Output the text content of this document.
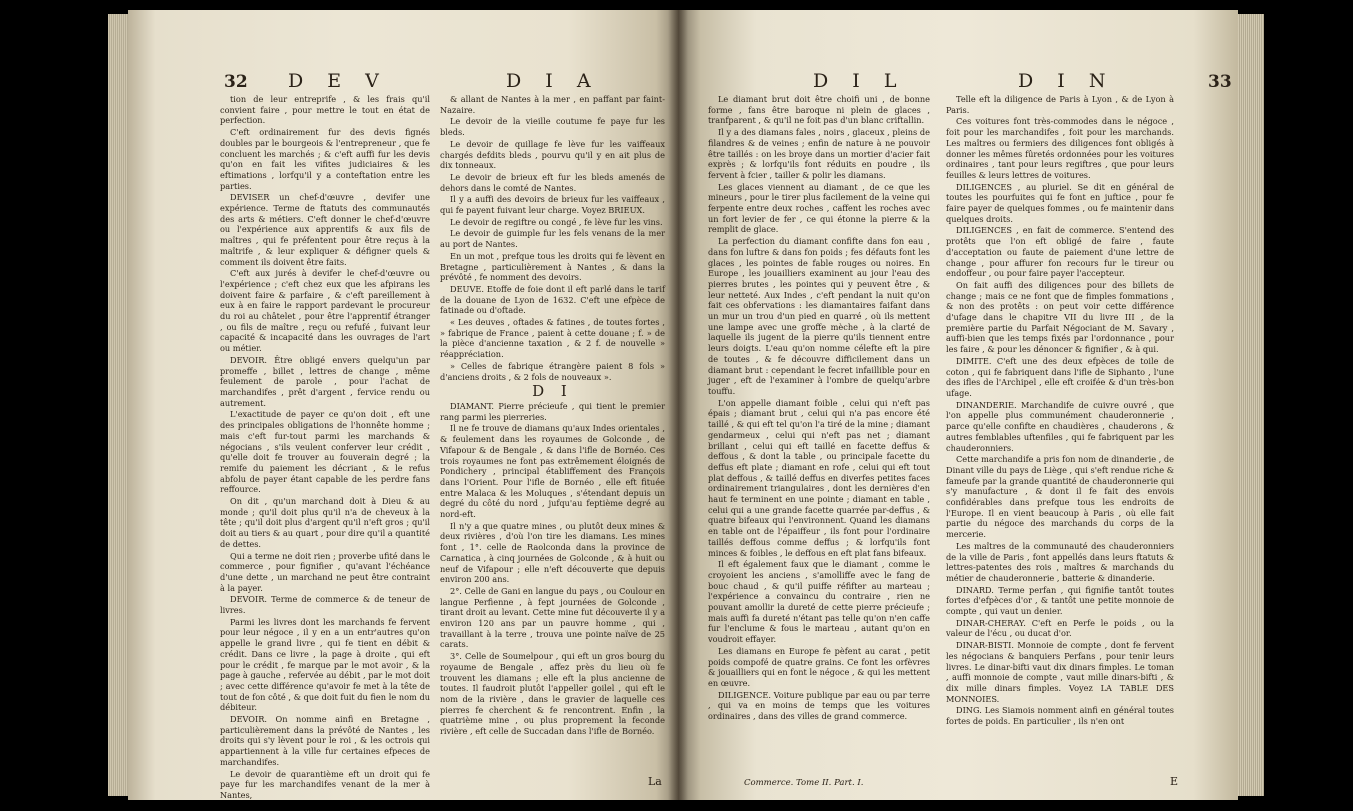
32 D E V	D I A

tion de leur entreprife , & les frais qu'il convient faire , pour mettre le tout en état de perfection.

C'eft ordinairement fur des devis fignés doubles par le bourgeois & l'entrepreneur , que fe concluent les marchés ; & c'eft auffi fur les devis qu'on en fait les vifites judiciaires & les eftimations , lorfqu'il y a conteftation entre les parties.

DEVISER un chef-d'œuvre , devifer une expérience. Terme de ftatuts des communautés des arts & métiers. C'eft donner le chef-d'œuvre ou l'expérience aux apprentifs & aux fils de maîtres , qui fe préfentent pour être reçus à la maîtrife , & leur expliquer & défigner quels & comment ils doivent être faits.

C'eft aux jurés à devifer le chef-d'œuvre ou l'expérience ; c'eft chez eux que les afpirans les doivent faire & parfaire , & c'eft pareillement à eux à en faire le rapport pardevant le procureur du roi au châtelet , pour être l'apprentif étranger , ou fils de maître , reçu ou refufé , fuivant leur capacité & incapacité dans les ouvrages de l'art ou métier.

DEVOIR. Être obligé envers quelqu'un par promeffe , billet , lettres de change , même feulement de parole , pour l'achat de marchandifes , prêt d'argent , fervice rendu ou autrement.

L'exactitude de payer ce qu'on doit , eft une des principales obligations de l'honnête homme ; mais c'eft fur-tout parmi les marchands & négocians , s'ils veulent conferver leur crédit , qu'elle doit fe trouver au fouverain degré ; la remife du paiement les décriant , & le refus abfolu de payer étant capable de les perdre fans reffource.

On dit , qu'un marchand doit à Dieu & au monde ; qu'il doit plus qu'il n'a de cheveux à la tête ; qu'il doit plus d'argent qu'il n'eft gros ; qu'il doit au tiers & au quart , pour dire qu'il a quantité de dettes.

Qui a terme ne doit rien ; proverbe ufité dans le commerce , pour fignifier , qu'avant l'échéance d'une dette , un marchand ne peut être contraint à la payer.

DEVOIR. Terme de commerce & de teneur de livres.

Parmi les livres dont les marchands fe fervent pour leur négoce , il y en a un entr'autres qu'on appelle le grand livre , qui fe tient en débit & crédit. Dans ce livre , la page à droite , qui eft pour le crédit , fe marque par le mot avoir , & la page à gauche , refervée au débit , par le mot doit ; avec cette différence qu'avoir fe met à la tête de tout de fon côté , & que doit fuit du fien le nom du débiteur.

DEVOIR. On nomme ainfi en Bretagne , particulièrement dans la prévôté de Nantes , les droits qui s'y lèvent pour le roi , & les octrois qui appartiennent à la ville fur certaines efpeces de marchandifes.

Le devoir de quarantième eft un droit qui fe paye fur les marchandifes venant de la mer à Nantes,

& allant de Nantes à la mer , en paffant par faint-Nazaire.

Le devoir de la vieille coutume fe paye fur les bleds.

Le devoir de quillage fe lève fur les vaiffeaux chargés defdits bleds , pourvu qu'il y en ait plus de dix tonneaux.

Le devoir de brieux eft fur les bleds amenés de dehors dans le comté de Nantes.

Il y a auffi des devoirs de brieux fur les vaiffeaux , qui fe payent fuivant leur charge. Voyez BRIEUX.

Le devoir de regiftre ou congé , fe lève fur les vins.

Le devoir de guimple fur les fels venans de la mer au port de Nantes.

En un mot , prefque tous les droits qui fe lèvent en Bretagne , particulièrement à Nantes , & dans la prévôté , fe nomment des devoirs.

DEUVE. Etoffe de foie dont il eft parlé dans le tarif de la douane de Lyon de 1632. C'eft une efpèce de fatinade ou d'oftade.

« Les deuves , oftades & fatines , de toutes fortes , » fabrique de France , paient à cette douane ; f. » de la pièce d'ancienne taxation , & 2 f. de nouvelle » réappréciation.

» Celles de fabrique étrangère paient 8 fols » d'anciens droits , & 2 fols de nouveaux ».

D I

DIAMANT. Pierre précieufe , qui tient le premier rang parmi les pierreries.

Il ne fe trouve de diamans qu'aux Indes orientales , & feulement dans les royaumes de Golconde , de Vifapour & de Bengale , & dans l'ifle de Bornéo. Ces trois royaumes ne font pas extrêmement éloignés de Pondichery , principal établiffement des François dans l'Orient. Pour l'ifle de Bornéo , elle eft fituée entre Malaca & les Moluques , s'étendant depuis un degré du côté du nord , jufqu'au feptième degré au nord-eft.

Il n'y a que quatre mines , ou plutôt deux mines & deux rivières , d'où l'on tire les diamans. Les mines font , 1°. celle de Raolconda dans la province de Carnatica , à cinq journées de Golconde , & à huit ou neuf de Vifapour ; elle n'eft découverte que depuis environ 200 ans.

2°. Celle de Gani en langue du pays , ou Coulour en langue Perfienne , à fept journées de Golconde , tirant droit au levant. Cette mine fut découverte il y a environ 120 ans par un pauvre homme , qui , travaillant à la terre , trouva une pointe naïve de 25 carats.

3°. Celle de Soumelpour , qui eft un gros bourg du royaume de Bengale , affez près du lieu où fe trouvent les diamans ; elle eft la plus ancienne de toutes. Il faudroit plutôt l'appeller goilel , qui eft le nom de la rivière , dans le gravier de laquelle ces pierres fe cherchent & fe rencontrent. Enfin , la quatrième mine , ou plus proprement la feconde rivière , eft celle de Succadan dans l'ifle de Bornéo.

La
D I L	D I N	33

Le diamant brut doit être choifi uni , de bonne forme , fans être baroque ni plein de glaces , tranfparent , & qu'il ne foit pas d'un blanc criftallin.

Il y a des diamans fales , noirs , glaceux , pleins de filandres & de veines ; enfin de nature à ne pouvoir être taillés : on les broye dans un mortier d'acier fait exprès ; & lorfqu'ils font réduits en poudre , ils fervent à fcier , tailler & polir les diamans.

Les glaces viennent au diamant , de ce que les mineurs , pour le tirer plus facilement de la veine qui ferpente entre deux roches , caffent les roches avec un fort levier de fer , ce qui étonne la pierre & la remplit de glace.

La perfection du diamant confifte dans fon eau , dans fon luftre & dans fon poids ; fes défauts font les glaces , les pointes de fable rouges ou noires. En Europe , les jouailliers examinent au jour l'eau des pierres brutes , les pointes qui y peuvent être , & leur netteté. Aux Indes , c'eft pendant la nuit qu'on fait ces obfervations : les diamantaires faifant dans un mur un trou d'un pied en quarré , où ils mettent une lampe avec une groffe mèche , à la clarté de laquelle ils jugent de la pierre qu'ils tiennent entre leurs doigts. L'eau qu'on nomme célefte eft la pire de toutes , & fe découvre difficilement dans un diamant brut : cependant le fecret infaillible pour en juger , eft de l'examiner à l'ombre de quelqu'arbre touffu.

L'on appelle diamant foible , celui qui n'eft pas épais ; diamant brut , celui qui n'a pas encore été taillé , & qui eft tel qu'on l'a tiré de la mine ; diamant gendarmeux , celui qui n'eft pas net ; diamant brillant , celui qui eft taillé en facette deffus & deffous , & dont la table , ou principale facette du deffus eft plate ; diamant en rofe , celui qui eft tout plat deffous , & taillé deffus en diverfes petites faces ordinairement triangulaires , dont les dernières d'en haut fe terminent en une pointe ; diamant en table , celui qui a une grande facette quarrée par-deffus , & quatre bifeaux qui l'environnent. Quand les diamans en table ont de l'épaiffeur , ils font pour l'ordinaire taillés deffous comme deffus ; & lorfqu'ils font minces & foibles , le deffous en eft plat fans bifeaux.

Il eft également faux que le diamant , comme le croyoient les anciens , s'amolliffe avec le fang de bouc chaud , & qu'il puiffe réfifter au marteau ; l'expérience a convaincu du contraire , rien ne pouvant amollir la dureté de cette pierre précieufe ; mais auffi fa dureté n'étant pas telle qu'on n'en caffe fur l'enclume & fous le marteau , autant qu'on en voudroit effayer.

Les diamans en Europe fe pèfent au carat , petit poids compofé de quatre grains. Ce font les orfèvres & jouailliers qui en font le négoce , & qui les mettent en œuvre.

DILIGENCE. Voiture publique par eau ou par terre , qui va en moins de temps que les voitures ordinaires , dans des villes de grand commerce.

Telle eft la diligence de Paris à Lyon , & de Lyon à Paris.

Ces voitures font très-commodes dans le négoce , foit pour les marchandifes , foit pour les marchands. Les maîtres ou fermiers des diligences font obligés à donner les mêmes fûretés ordonnées pour les voitures ordinaires , tant pour leurs regiftres , que pour leurs feuilles & leurs lettres de voitures.

DILIGENCES , au pluriel. Se dit en général de toutes les pourfuites qui fe font en juftice , pour fe faire payer de quelques fommes , ou fe maintenir dans quelques droits.

DILIGENCES , en fait de commerce. S'entend des protêts que l'on eft obligé de faire , faute d'acceptation ou faute de paiement d'une lettre de change , pour affurer fon recours fur le tireur ou endoffeur , ou pour faire payer l'accepteur.

On fait auffi des diligences pour des billets de change ; mais ce ne font que de fimples fommations , & non des protêts : on peut voir cette différence d'ufage dans le chapitre VII du livre III , de la première partie du Parfait Négociant de M. Savary , auffi-bien que les temps fixés par l'ordonnance , pour les faire , & pour les dénoncer & fignifier , & à qui.

DIMITE. C'eft une des deux efpèces de toile de coton , qui fe fabriquent dans l'ifle de Siphanto , l'une des ifles de l'Archipel , elle eft croifée & d'un très-bon ufage.

DINANDERIE. Marchandife de cuivre ouvré , que l'on appelle plus communément chauderonnerie , parce qu'elle confifte en chaudières , chauderons , & autres femblables uftenfiles , qui fe fabriquent par les chauderonniers.

Cette marchandife a pris fon nom de dinanderie , de Dinant ville du pays de Liège , qui s'eft rendue riche & fameufe par la grande quantité de chauderonnerie qui s'y manufacture , & dont il fe fait des envois confidérables dans prefque tous les endroits de l'Europe. Il en vient beaucoup à Paris , où elle fait partie du négoce des marchands du corps de la mercerie.

Les maîtres de la communauté des chauderonniers de la ville de Paris , font appellés dans leurs ftatuts & lettres-patentes des rois , maîtres & marchands du métier de chauderonnerie , batterie & dinanderie.

DINARD. Terme perfan , qui fignifie tantôt toutes fortes d'efpèces d'or , & tantôt une petite monnoie de compte , qui vaut un denier.

DINAR-CHERAY. C'eft en Perfe le poids , ou la valeur de l'écu , ou ducat d'or.

DINAR-BISTI. Monnoie de compte , dont fe fervent les négocians & banquiers Perfans , pour tenir leurs livres. Le dinar-bifti vaut dix dinars fimples. Le toman , auffi monnoie de compte , vaut mille dinars-bifti , & dix mille dinars fimples. Voyez LA TABLE DES MONNOIES.

DING. Les Siamois nomment ainfi en général toutes fortes de poids. En particulier , ils n'en ont

Commerce. Tome II. Part. I.	E
